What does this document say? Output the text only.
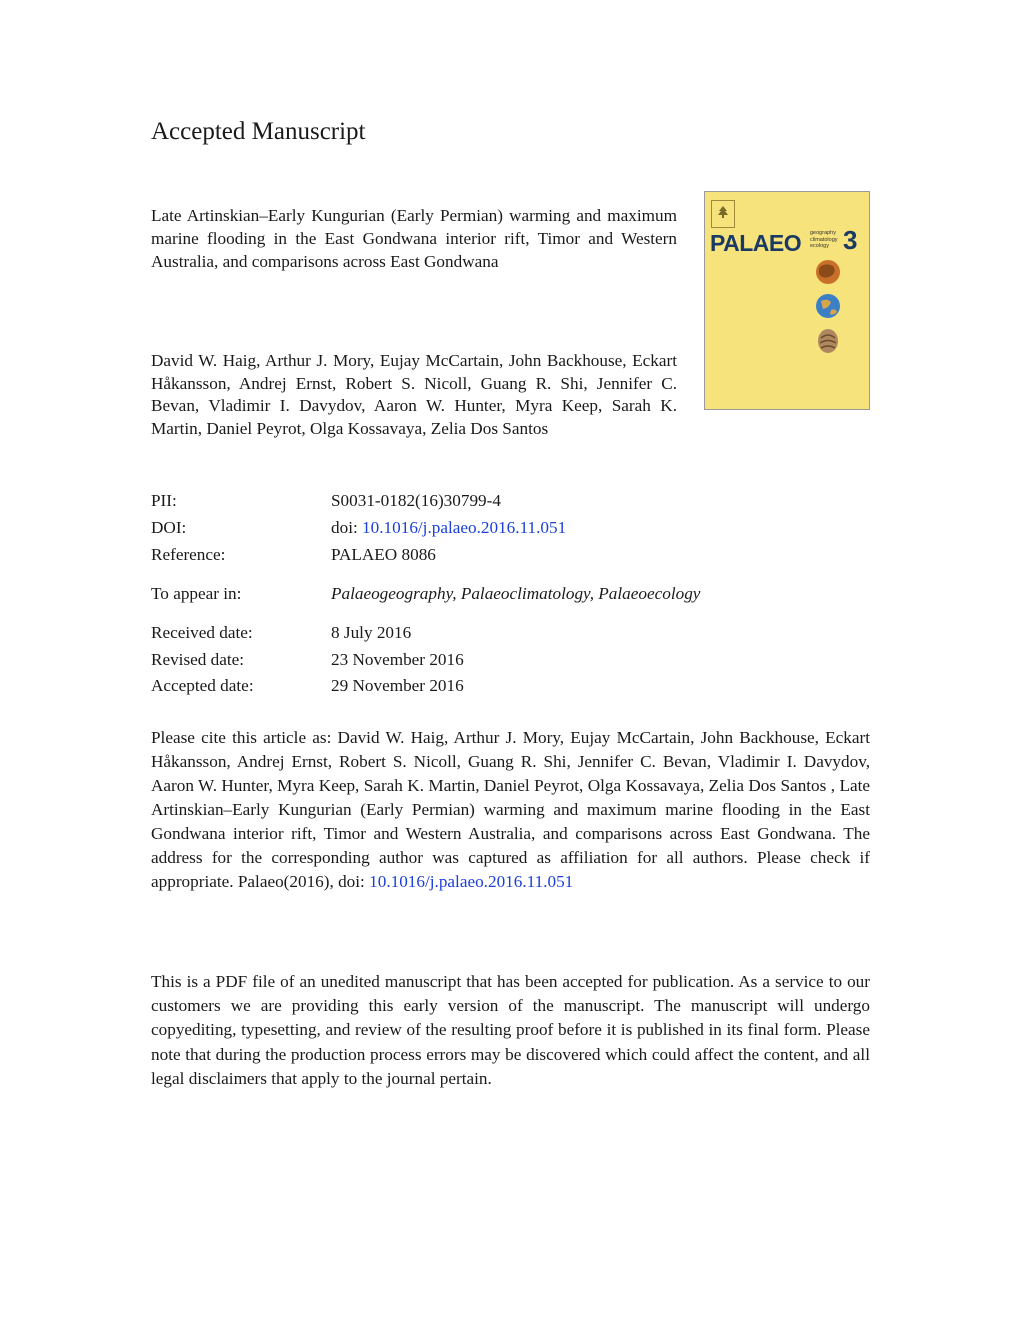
Accepted Manuscript

Late Artinskian–Early Kungurian (Early Permian) warming and maximum marine flooding in the East Gondwana interior rift, Timor and Western Australia, and comparisons across East Gondwana

David W. Haig, Arthur J. Mory, Eujay McCartain, John Backhouse, Eckart Håkansson, Andrej Ernst, Robert S. Nicoll, Guang R. Shi, Jennifer C. Bevan, Vladimir I. Davydov, Aaron W. Hunter, Myra Keep, Sarah K. Martin, Daniel Peyrot, Olga Kossavaya, Zelia Dos Santos

PALAEO geography
climatology
ecology 3
PII:	S0031-0182(16)30799-4
DOI:	doi: 10.1016/j.palaeo.2016.11.051
Reference:	PALAEO 8086
To appear in:	Palaeogeography, Palaeoclimatology, Palaeoecology
Received date:	8 July 2016
Revised date:	23 November 2016
Accepted date:	29 November 2016

Please cite this article as: David W. Haig, Arthur J. Mory, Eujay McCartain, John Backhouse, Eckart Håkansson, Andrej Ernst, Robert S. Nicoll, Guang R. Shi, Jennifer C. Bevan, Vladimir I. Davydov, Aaron W. Hunter, Myra Keep, Sarah K. Martin, Daniel Peyrot, Olga Kossavaya, Zelia Dos Santos , Late Artinskian–Early Kungurian (Early Permian) warming and maximum marine flooding in the East Gondwana interior rift, Timor and Western Australia, and comparisons across East Gondwana. The address for the corresponding author was captured as affiliation for all authors. Please check if appropriate. Palaeo(2016), doi: 10.1016/j.palaeo.2016.11.051

This is a PDF file of an unedited manuscript that has been accepted for publication. As a service to our customers we are providing this early version of the manuscript. The manuscript will undergo copyediting, typesetting, and review of the resulting proof before it is published in its final form. Please note that during the production process errors may be discovered which could affect the content, and all legal disclaimers that apply to the journal pertain.
